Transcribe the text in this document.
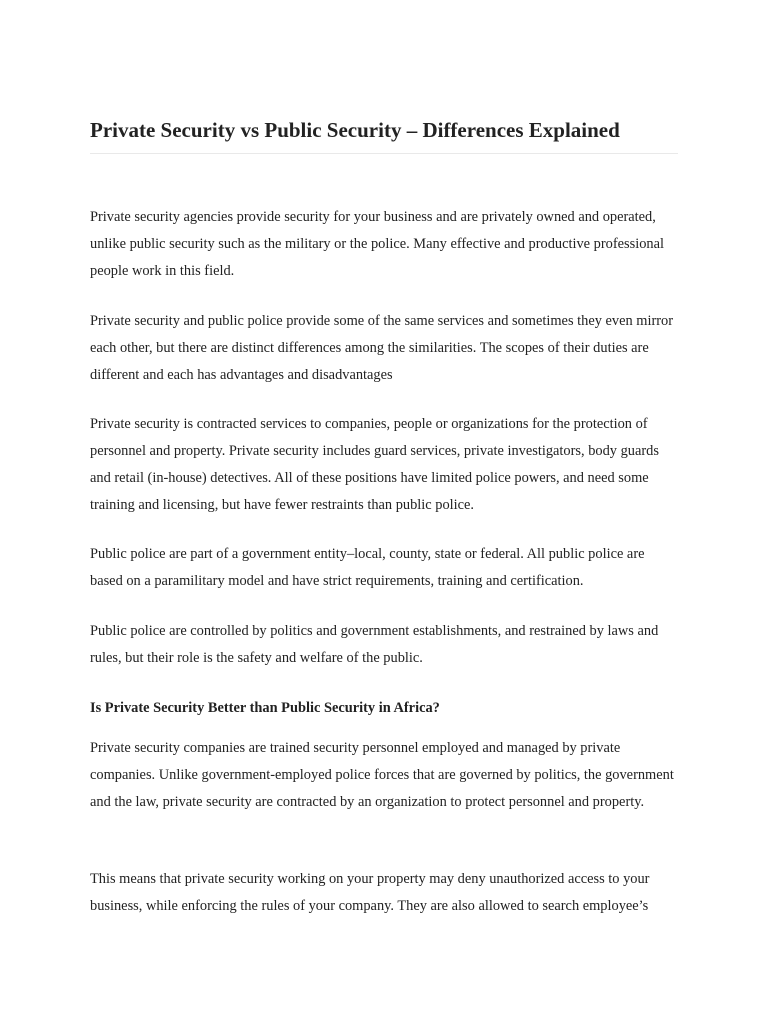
Private Security vs Public Security – Differences Explained

Private security agencies provide security for your business and are privately owned and operated, unlike public security such as the military or the police. Many effective and productive professional people work in this field.

Private security and public police provide some of the same services and sometimes they even mirror each other, but there are distinct differences among the similarities. The scopes of their duties are different and each has advantages and disadvantages

Private security is contracted services to companies, people or organizations for the protection of personnel and property. Private security includes guard services, private investigators, body guards and retail (in-house) detectives. All of these positions have limited police powers, and need some training and licensing, but have fewer restraints than public police.

Public police are part of a government entity–local, county, state or federal. All public police are based on a paramilitary model and have strict requirements, training and certification.

Public police are controlled by politics and government establishments, and restrained by laws and rules, but their role is the safety and welfare of the public.

Is Private Security Better than Public Security in Africa?

Private security companies are trained security personnel employed and managed by private companies. Unlike government-employed police forces that are governed by politics, the government and the law, private security are contracted by an organization to protect personnel and property.

This means that private security working on your property may deny unauthorized access to your business, while enforcing the rules of your company. They are also allowed to search employee’s
